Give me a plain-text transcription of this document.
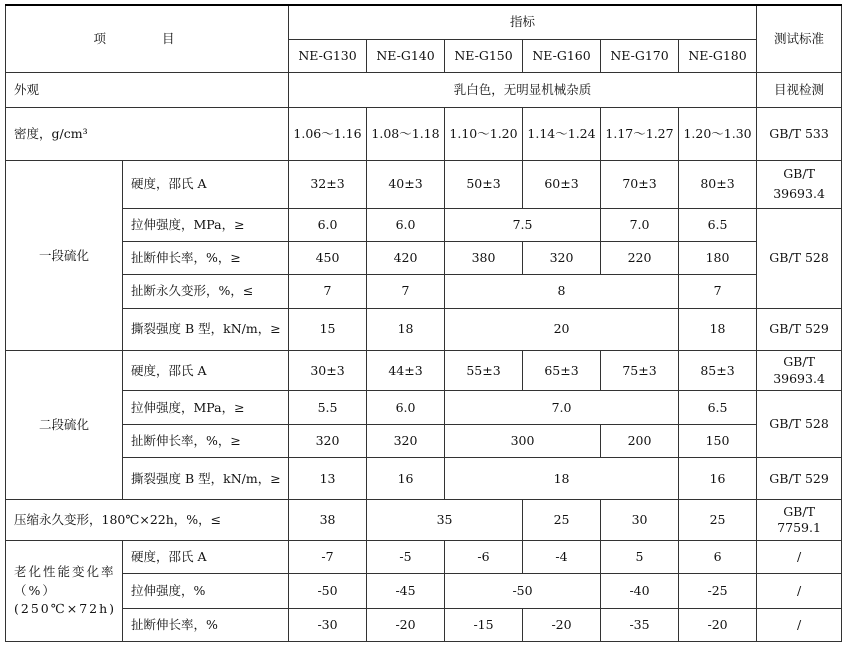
项 目		指标						测试标准
		NE-G130	NE-G140	NE-G150	NE-G160	NE-G170	NE-G180	
外观		乳白色，无明显机械杂质						目视检测
密度，g/cm³		1.06～1.16	1.08～1.18	1.10～1.20	1.14～1.24	1.17～1.27	1.20～1.30	GB/T 533
一段硫化	硬度，邵氏 A	32±3	40±3	50±3	60±3	70±3	80±3	GB/T 39693.4
	拉伸强度，MPa，≥	6.0	6.0	7.5		7.0	6.5	GB/T 528
	扯断伸长率，%，≥	450	420	380	320	220	180	
	扯断永久变形，%，≤	7	7	8			7	
	撕裂强度 B 型，kN/m，≥	15	18	20			18	GB/T 529
二段硫化	硬度，邵氏 A	30±3	44±3	55±3	65±3	75±3	85±3	GB/T 39693.4
	拉伸强度，MPa，≥	5.5	6.0	7.0			6.5	GB/T 528
	扯断伸长率，%，≥	320	320	300		200	150	
	撕裂强度 B 型，kN/m，≥	13	16	18			16	GB/T 529
压缩永久变形，180℃×22h，%，≤		38	35		25	30	25	GB/T 7759.1
老化性能变化率（%）(250℃×72h)	硬度，邵氏 A	-7	-5	-6	-4	5	6	/
	拉伸强度，%	-50	-45	-50		-40	-25	/
	扯断伸长率，%	-30	-20	-15	-20	-35	-20	/
